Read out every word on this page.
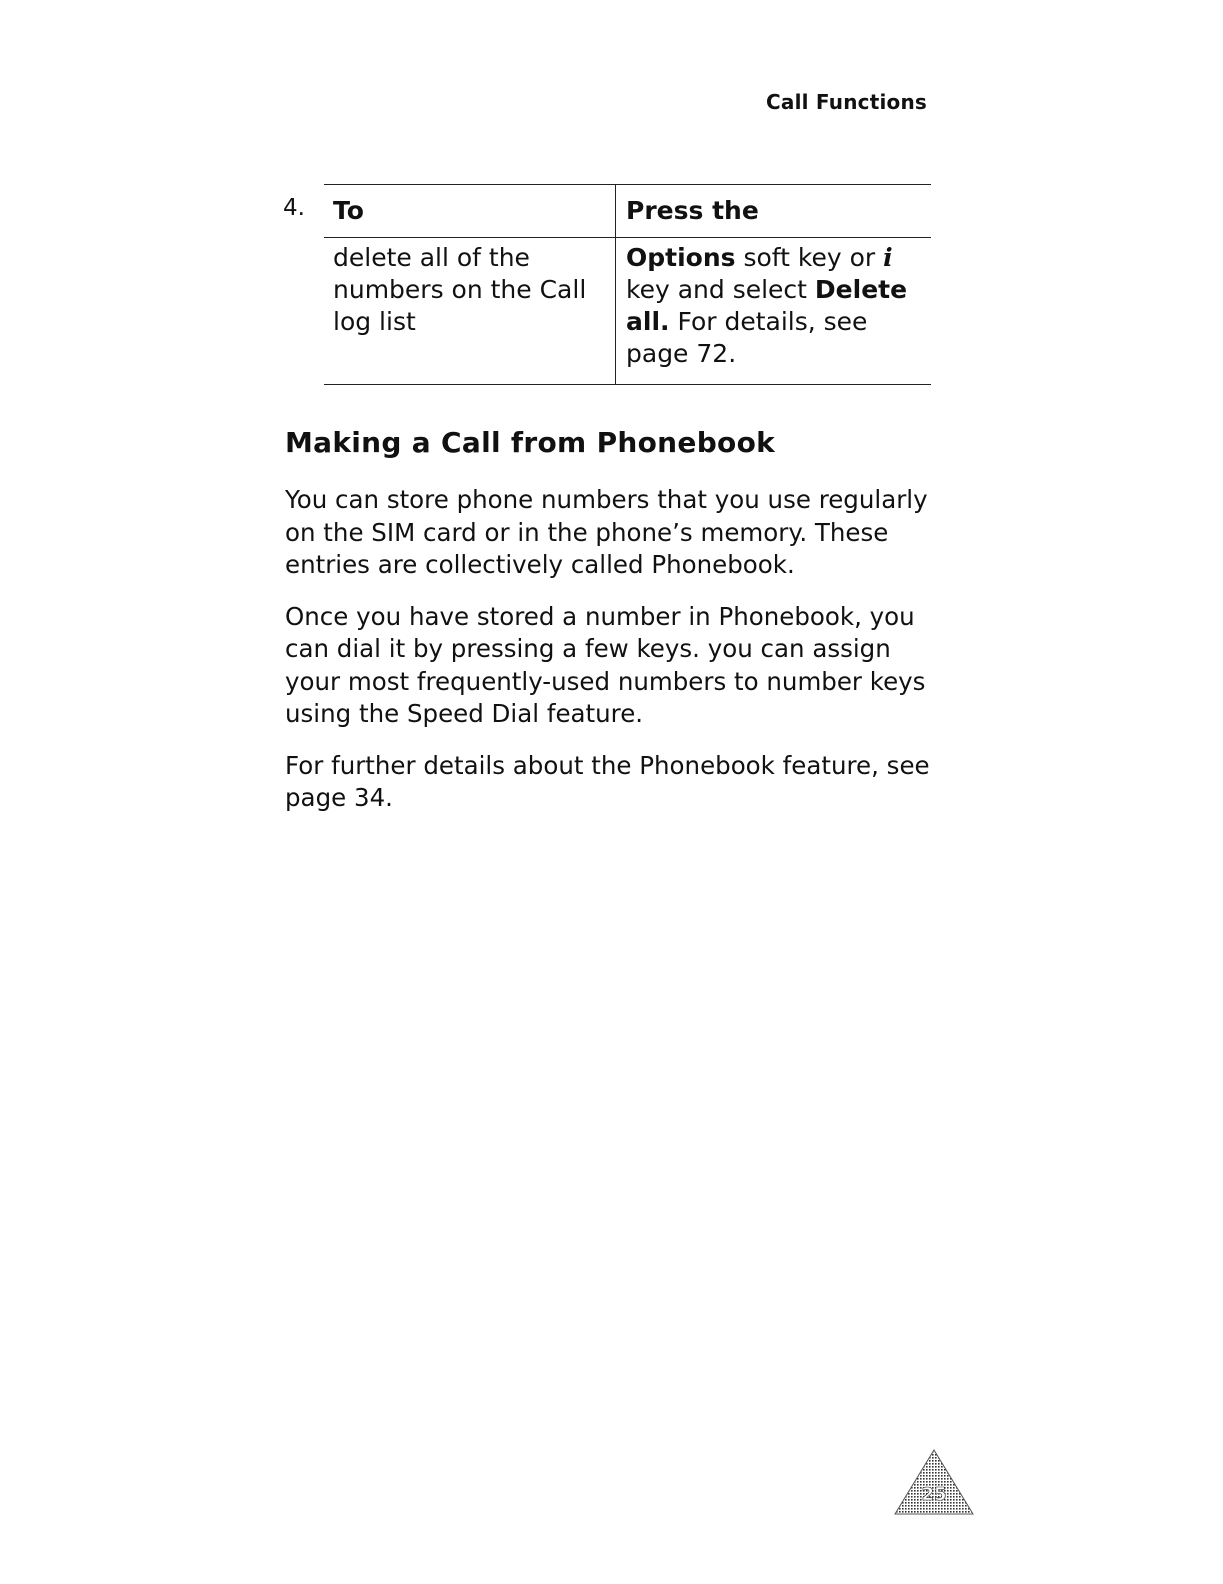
Call Functions
4. To	Press the
delete all of the numbers on the Call log list	Options soft key or i key and select Delete all. For details, see page 72.
Making a Call from Phonebook

You can store phone numbers that you use regularly on the SIM card or in the phone’s memory. These entries are collectively called Phonebook.

Once you have stored a number in Phonebook, you can dial it by pressing a few keys. you can assign your most frequently-used numbers to number keys using the Speed Dial feature.

For further details about the Phonebook feature, see page 34.

25
